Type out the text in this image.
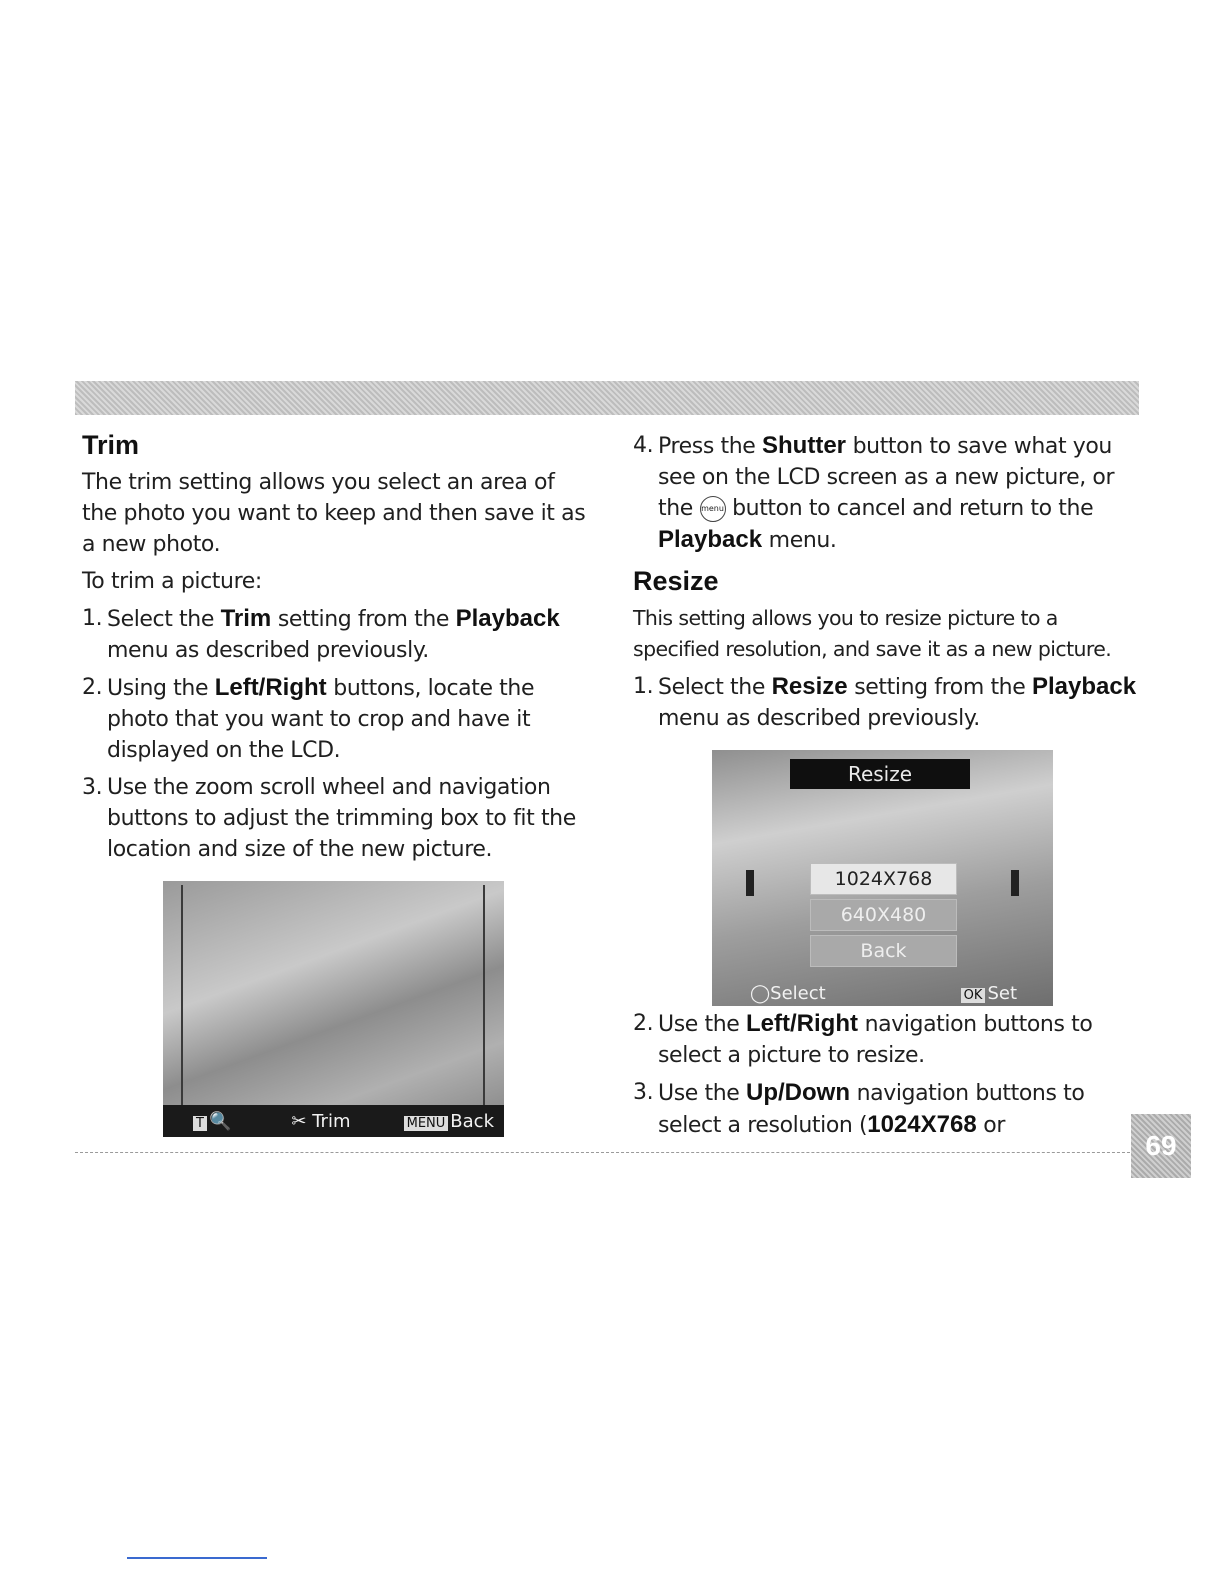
Trim

The trim setting allows you select an area of the photo you want to keep and then save it as a new photo.

To trim a picture:

1. Select the Trim setting from the Playback menu as described previously.
2. Using the Left/Right buttons, locate the photo that you want to crop and have it displayed on the LCD.
3. Use the zoom scroll wheel and navigation buttons to adjust the trimming box to fit the location and size of the new picture.
T 🔍	✂ Trim	MENU Back
4. Press the Shutter button to save what you see on the LCD screen as a new picture, or the menu button to cancel and return to the Playback menu.
Resize

This setting allows you to resize picture to a specified resolution, and save it as a new picture.

1. Select the Resize setting from the Playback menu as described previously.
2. Use the Left/Right navigation buttons to select a picture to resize.
3. Use the Up/Down navigation buttons to select a resolution (1024X768 or
Resize
1024X768
640X480
Back
◯Select	OK Set
69
